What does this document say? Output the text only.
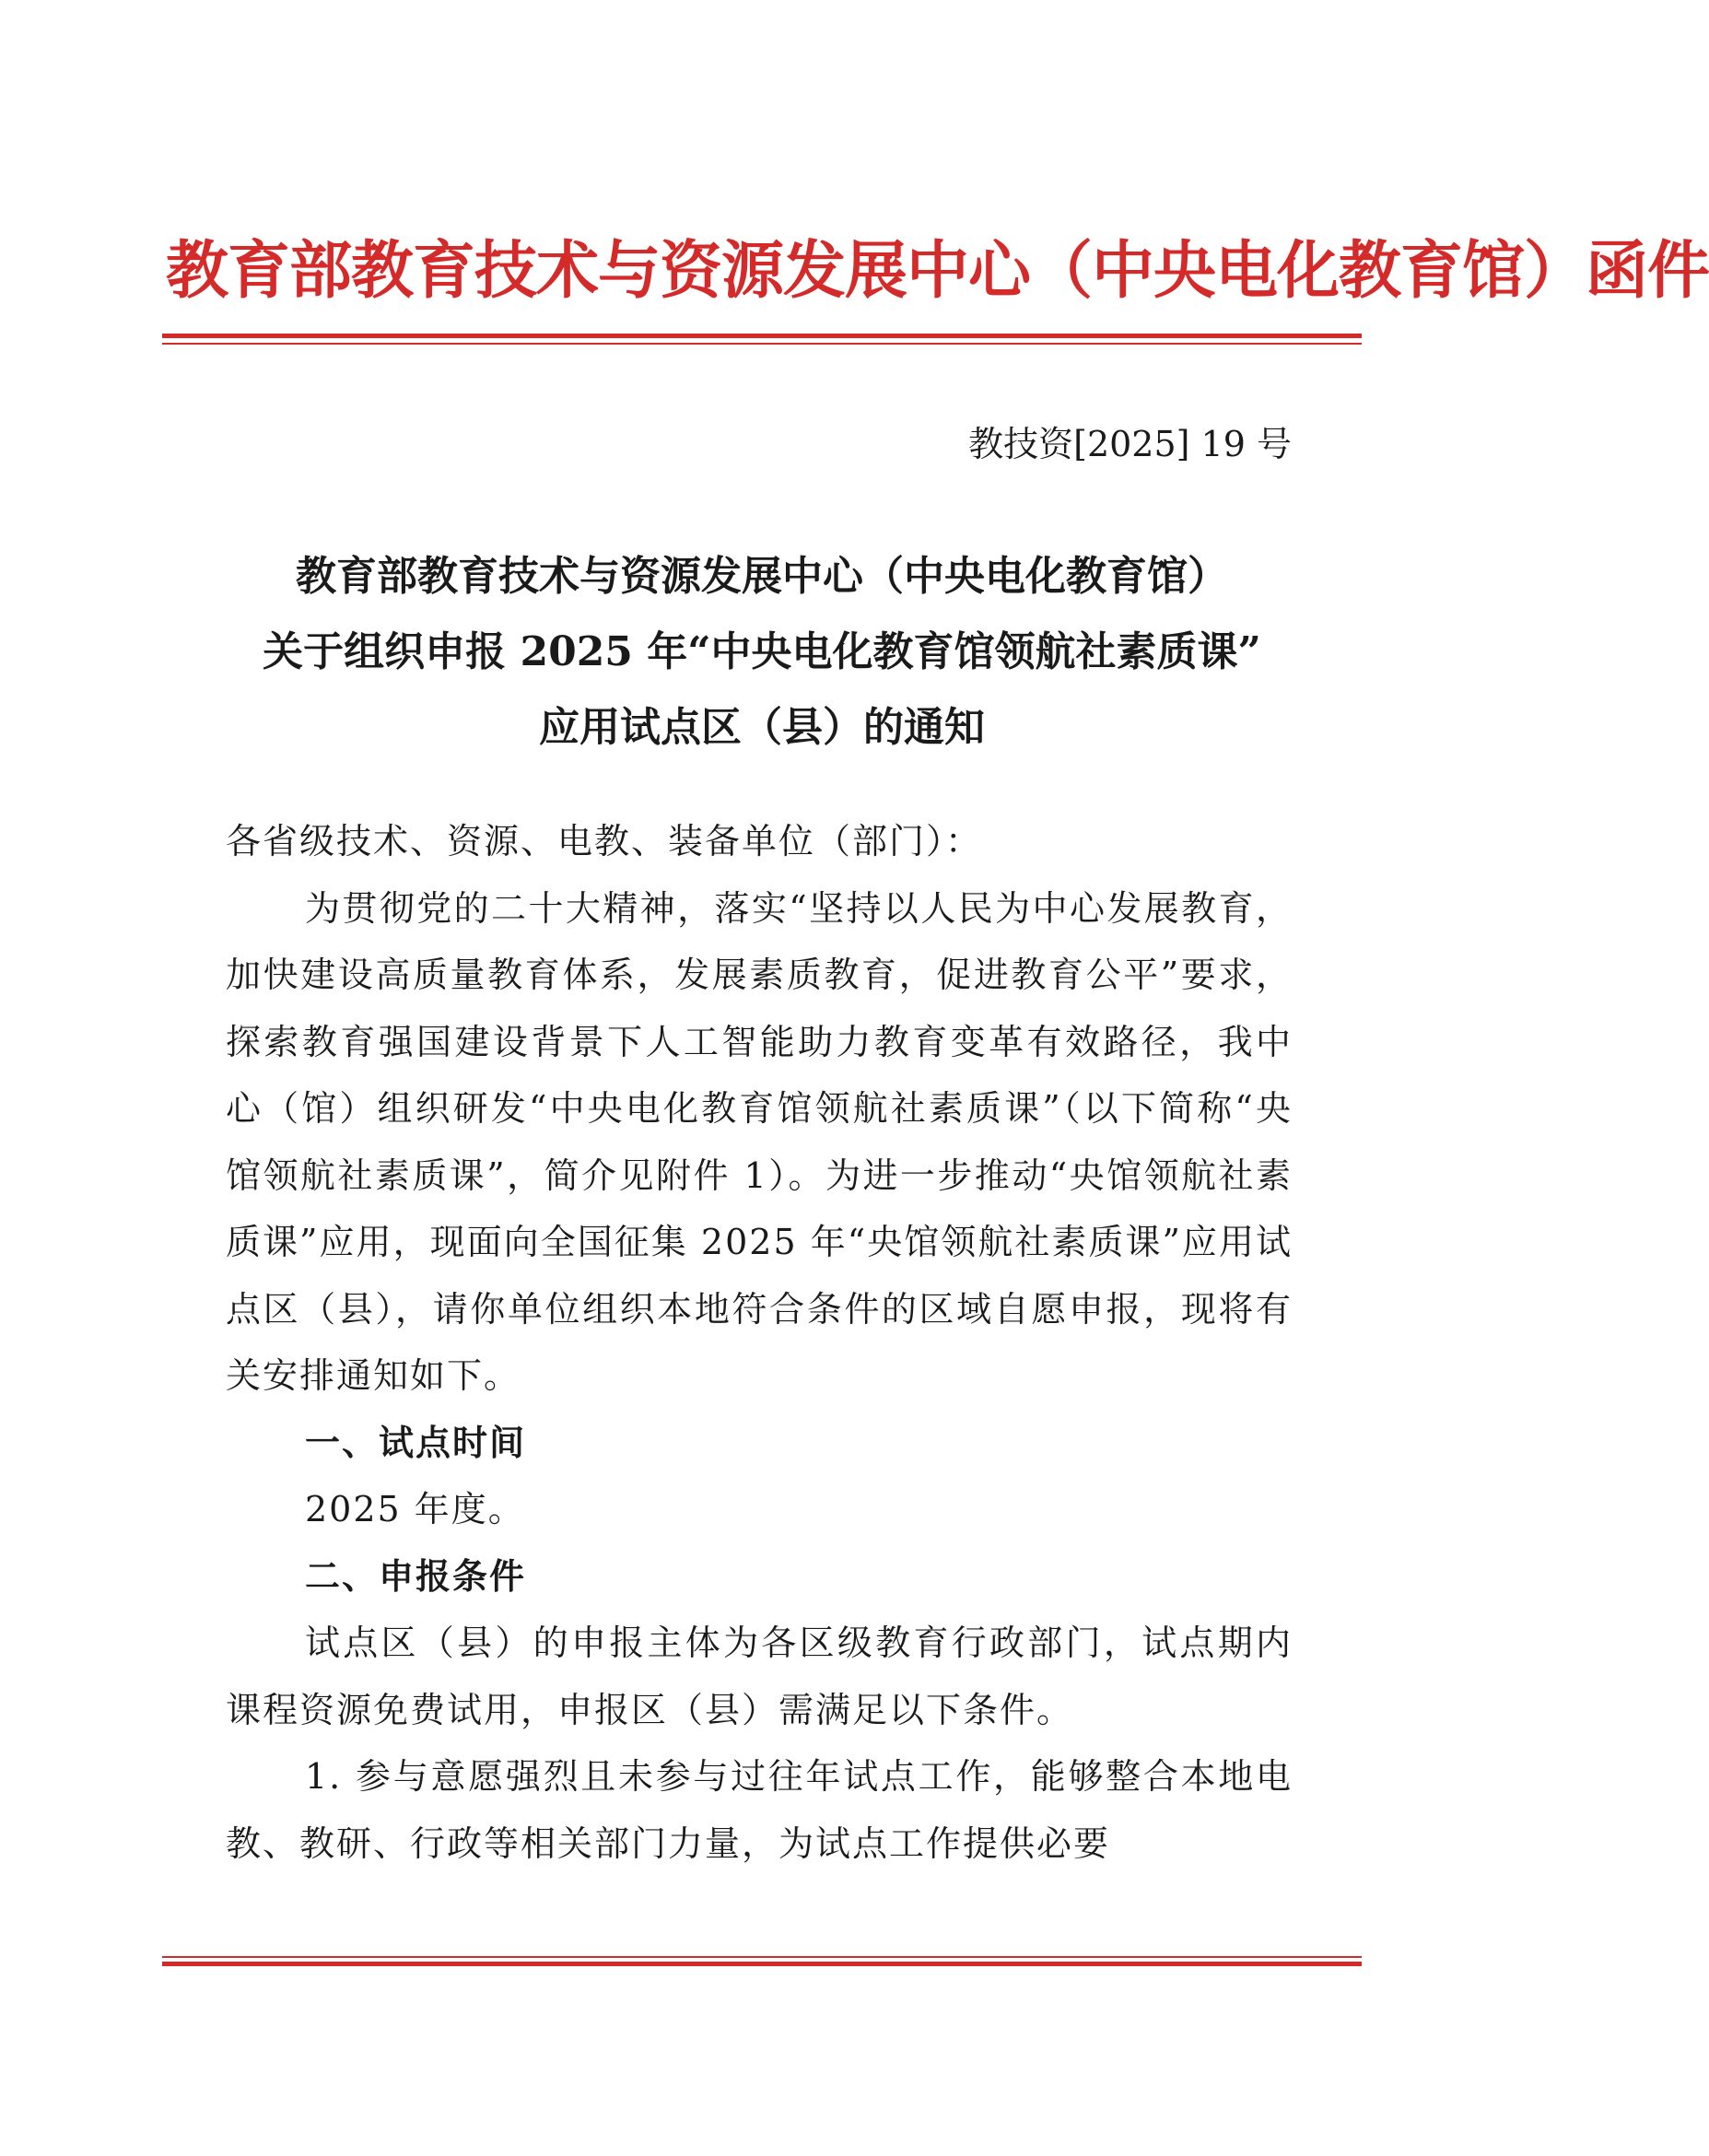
教育部教育技术与资源发展中心（中央电化教育馆）函件
教技资[2025] 19 号
教育部教育技术与资源发展中心（中央电化教育馆）
关于组织申报 2025 年“中央电化教育馆领航社素质课”
应用试点区（县）的通知

各省级技术、资源、电教、装备单位（部门）：

为贯彻党的二十大精神，落实“坚持以人民为中心发展教育，加快建设高质量教育体系，发展素质教育，促进教育公平”要求，探索教育强国建设背景下人工智能助力教育变革有效路径，我中心（馆）组织研发“中央电化教育馆领航社素质课”（以下简称“央馆领航社素质课”，简介见附件 1）。为进一步推动“央馆领航社素质课”应用，现面向全国征集 2025 年“央馆领航社素质课”应用试点区（县），请你单位组织本地符合条件的区域自愿申报，现将有关安排通知如下。

一、试点时间

2025 年度。

二、申报条件

试点区（县）的申报主体为各区级教育行政部门，试点期内课程资源免费试用，申报区（县）需满足以下条件。

1. 参与意愿强烈且未参与过往年试点工作，能够整合本地电教、教研、行政等相关部门力量，为试点工作提供必要
